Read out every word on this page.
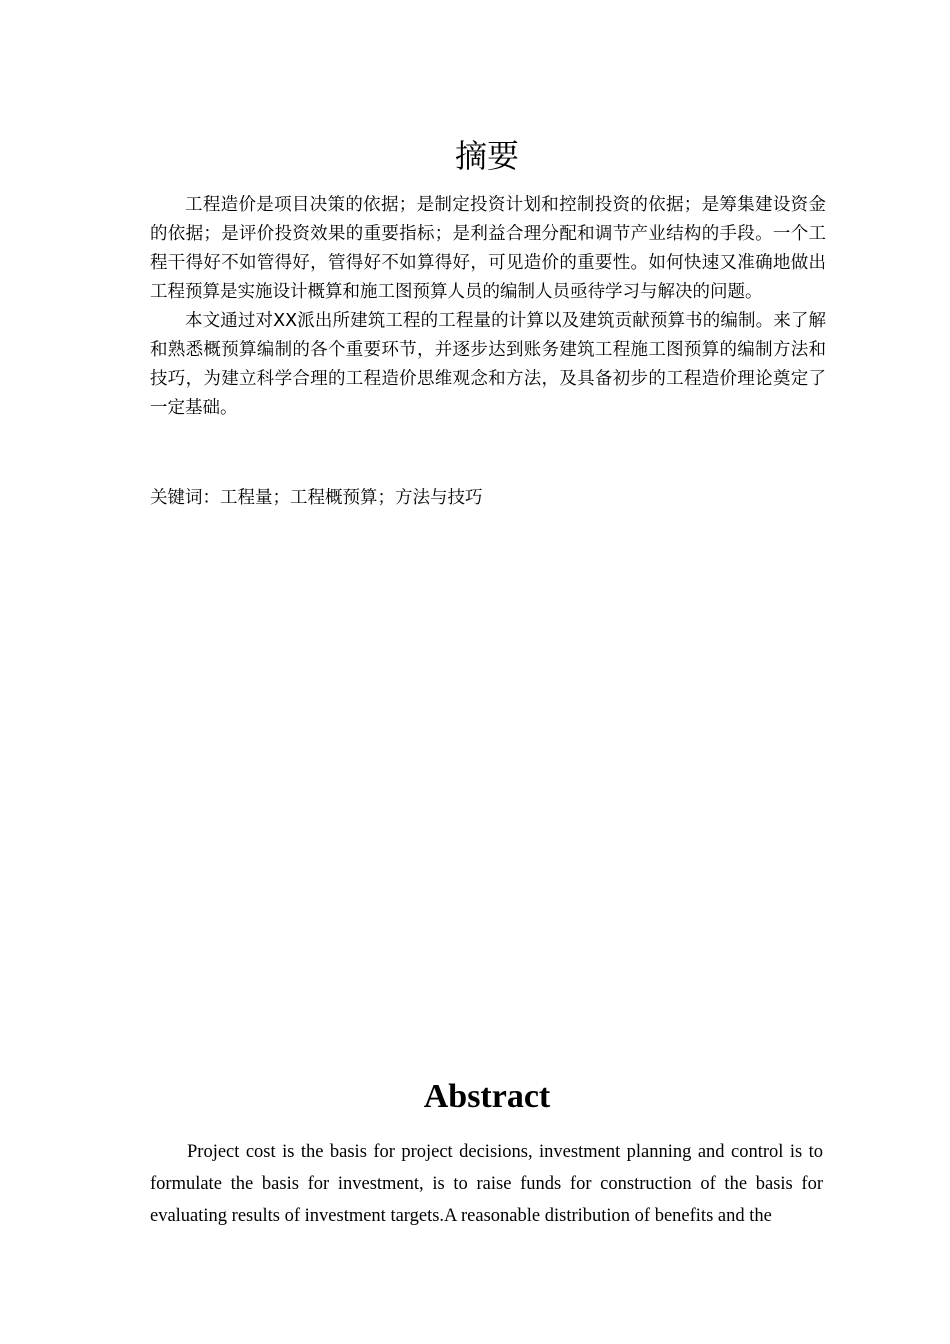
摘要

工程造价是项目决策的依据；是制定投资计划和控制投资的依据；是筹集建设资金的依据；是评价投资效果的重要指标；是利益合理分配和调节产业结构的手段。一个工程干得好不如管得好，管得好不如算得好，可见造价的重要性。如何快速又准确地做出工程预算是实施设计概算和施工图预算人员的编制人员亟待学习与解决的问题。

本文通过对XX派出所建筑工程的工程量的计算以及建筑贡献预算书的编制。来了解和熟悉概预算编制的各个重要环节，并逐步达到账务建筑工程施工图预算的编制方法和技巧，为建立科学合理的工程造价思维观念和方法，及具备初步的工程造价理论奠定了一定基础。

关键词：工程量；工程概预算；方法与技巧

Abstract

Project cost is the basis for project decisions, investment planning and control is to formulate the basis for investment, is to raise funds for construction of the basis for evaluating results of investment targets.A reasonable distribution of benefits and the
